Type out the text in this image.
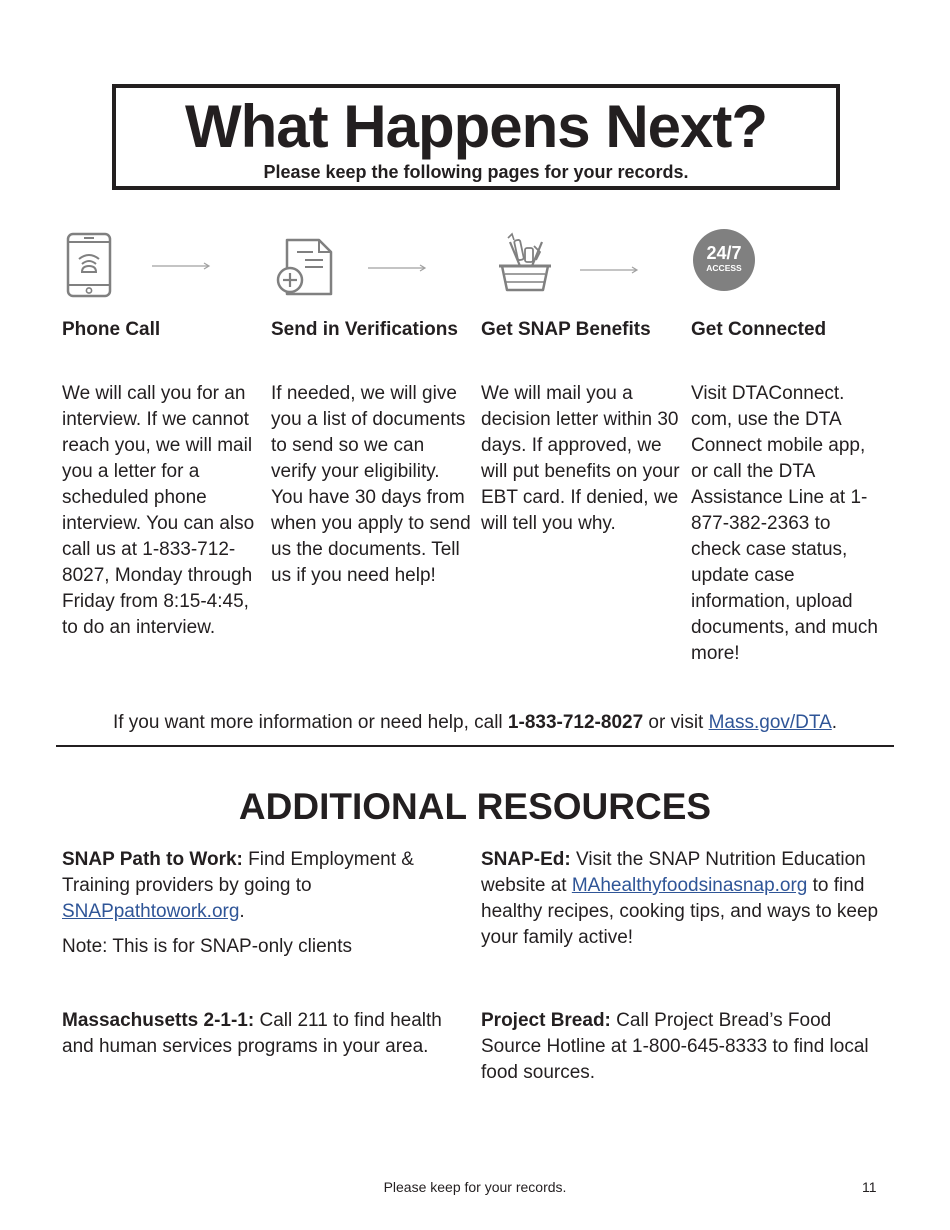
What Happens Next?
Please keep the following pages for your records.
24/7
ACCESS
Phone Call
We will call you for an interview. If we cannot reach you, we will mail you a letter for a scheduled phone interview. You can also call us at 1-833-712-8027, Monday through Friday from 8:15-4:45, to do an interview.
Send in Verifications
If needed, we will give you a list of documents to send so we can verify your eligibility. You have 30 days from when you apply to send us the documents. Tell us if you need help!
Get SNAP Benefits
We will mail you a decision letter within 30 days. If approved, we will put benefits on your EBT card. If denied, we will tell you why.
Get Connected
Visit DTAConnect. com, use the DTA Connect mobile app, or call the DTA Assistance Line at 1-877-382-2363 to check case status, update case information, upload documents, and much more!
If you want more information or need help, call 1-833-712-8027 or visit Mass.gov/DTA.
ADDITIONAL RESOURCES

SNAP Path to Work: Find Employment & Training providers by going to SNAPpathtowork.org.

Note: This is for SNAP-only clients

SNAP-Ed: Visit the SNAP Nutrition Education website at MAhealthyfoodsinasnap.org to find healthy recipes, cooking tips, and ways to keep your family active!

Massachusetts 2-1-1: Call 211 to find health and human services programs in your area.

Project Bread: Call Project Bread’s Food Source Hotline at 1-800-645-8333 to find local food sources.

Please keep for your records.	11
